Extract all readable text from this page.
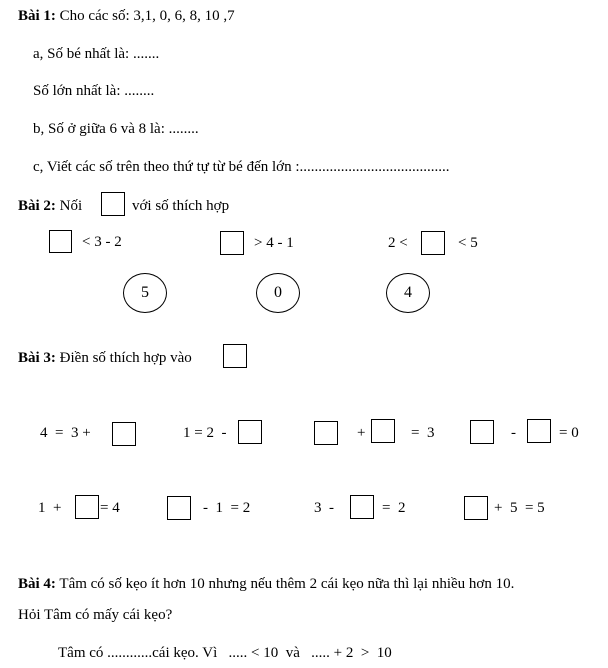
Bài 1: Cho các số: 3,1, 0, 6, 8, 10 ,7
a, Số bé nhất là: .......
Số lớn nhất là: ........
b, Số ở giữa 6 và 8 là: ........
c, Viết các số trên theo thứ tự từ bé đến lớn :........................................
Bài 2: Nối	với số thích hợp
< 3 - 2	> 4 - 1	2 <	< 5
5	0	4
Bài 3: Điền số thích hợp vào
4  =  3 +	1 = 2  -	+	=  3	-	= 0
1  +	= 4	-  1  = 2	3  -	=  2	+  5  = 5
Bài 4: Tâm có số kẹo ít hơn 10 nhưng nếu thêm 2 cái kẹo nữa thì lại nhiều hơn 10.
Hỏi Tâm có mấy cái kẹo?
Tâm có ............cái kẹo. Vì   ..... < 10  và   ..... + 2  >  10
